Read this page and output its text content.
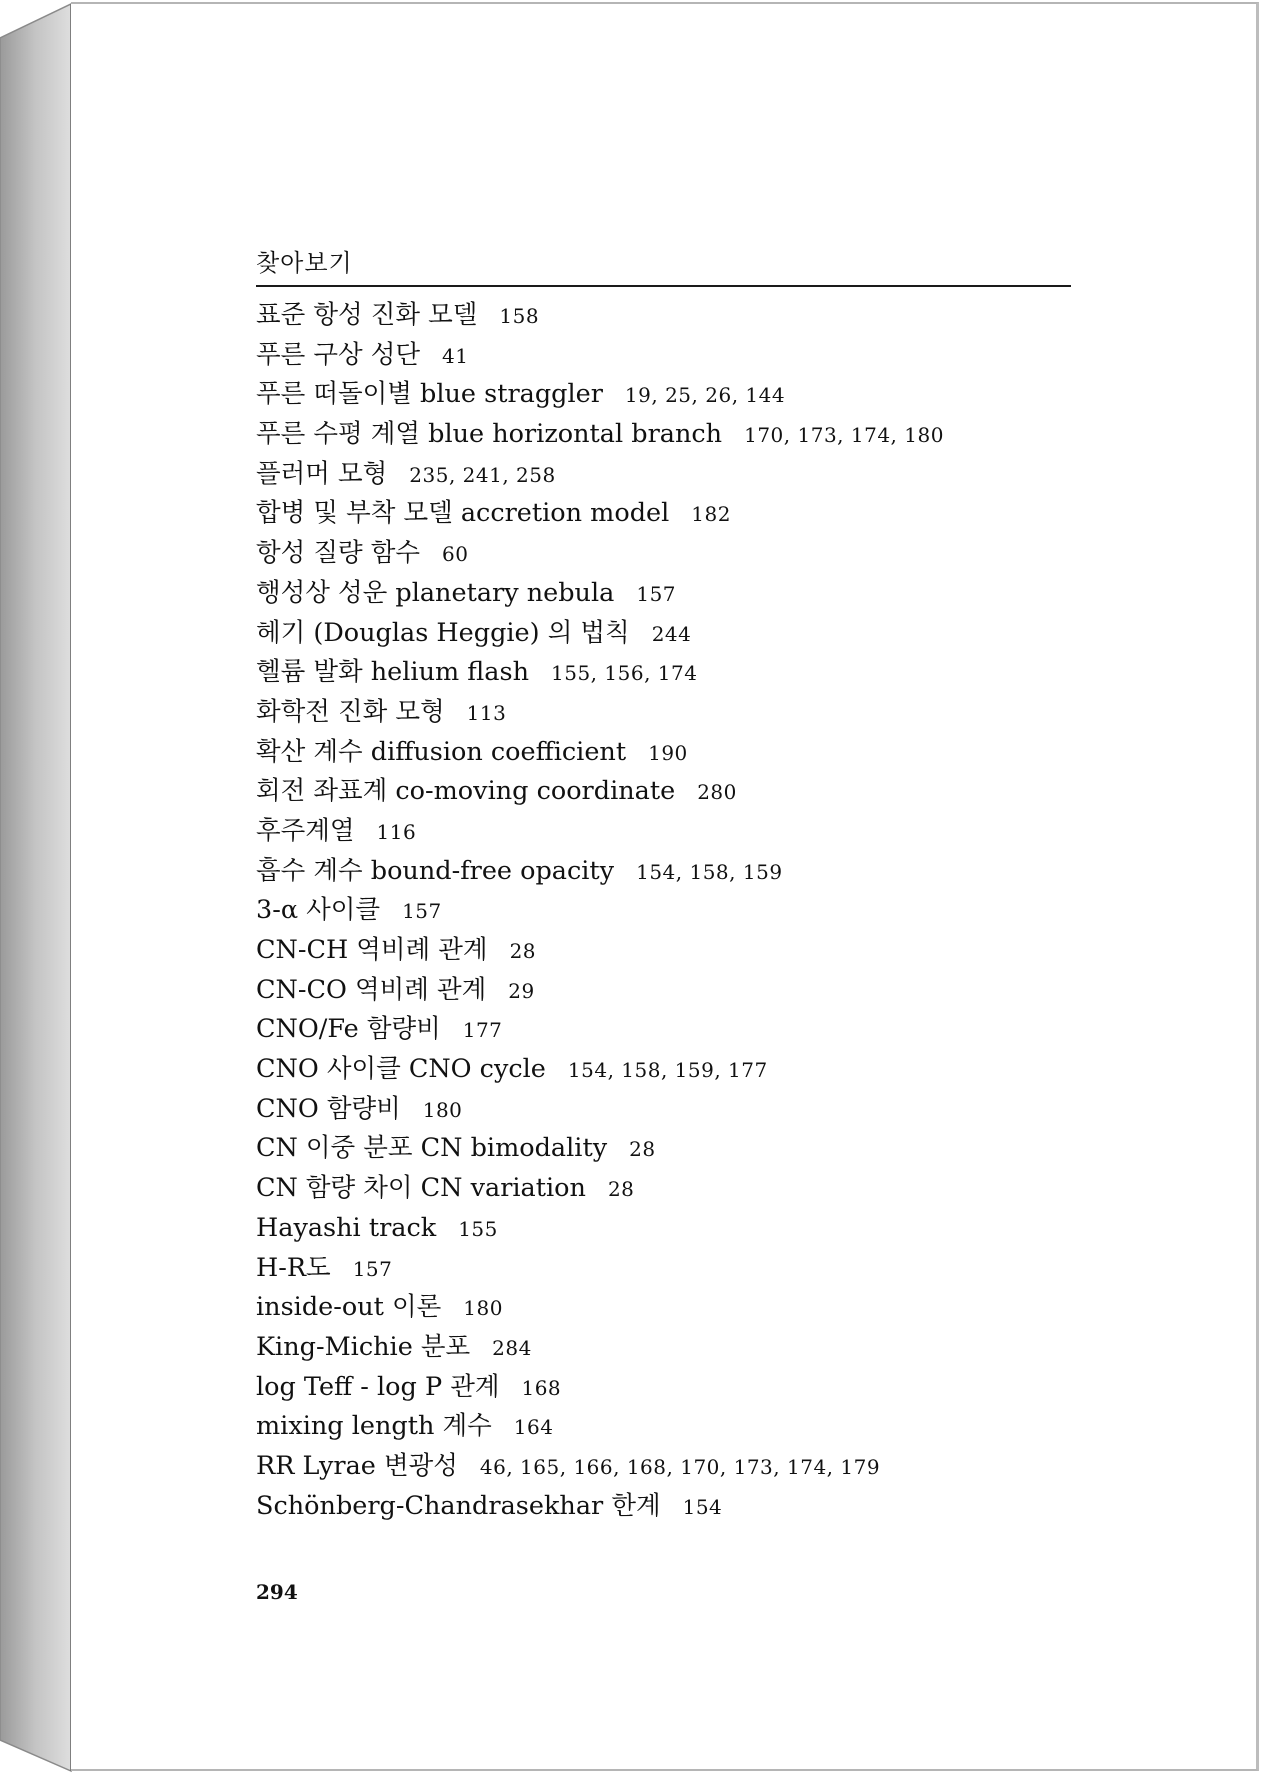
찾아보기
표준 항성 진화 모델 158
푸른 구상 성단 41
푸른 떠돌이별 blue straggler 19, 25, 26, 144
푸른 수평 계열 blue horizontal branch 170, 173, 174, 180
플러머 모형 235, 241, 258
합병 및 부착 모델 accretion model 182
항성 질량 함수 60
행성상 성운 planetary nebula 157
헤기 (Douglas Heggie) 의 법칙 244
헬륨 발화 helium flash 155, 156, 174
화학전 진화 모형 113
확산 계수 diffusion coefficient 190
회전 좌표계 co-moving coordinate 280
후주계열 116
흡수 계수 bound-free opacity 154, 158, 159
3-α 사이클 157
CN-CH 역비례 관계 28
CN-CO 역비례 관계 29
CNO/Fe 함량비 177
CNO 사이클 CNO cycle 154, 158, 159, 177
CNO 함량비 180
CN 이중 분포 CN bimodality 28
CN 함량 차이 CN variation 28
Hayashi track 155
H-R도 157
inside-out 이론 180
King-Michie 분포 284
log Teff - log P 관계 168
mixing length 계수 164
RR Lyrae 변광성 46, 165, 166, 168, 170, 173, 174, 179
Schönberg-Chandrasekhar 한계 154
294
